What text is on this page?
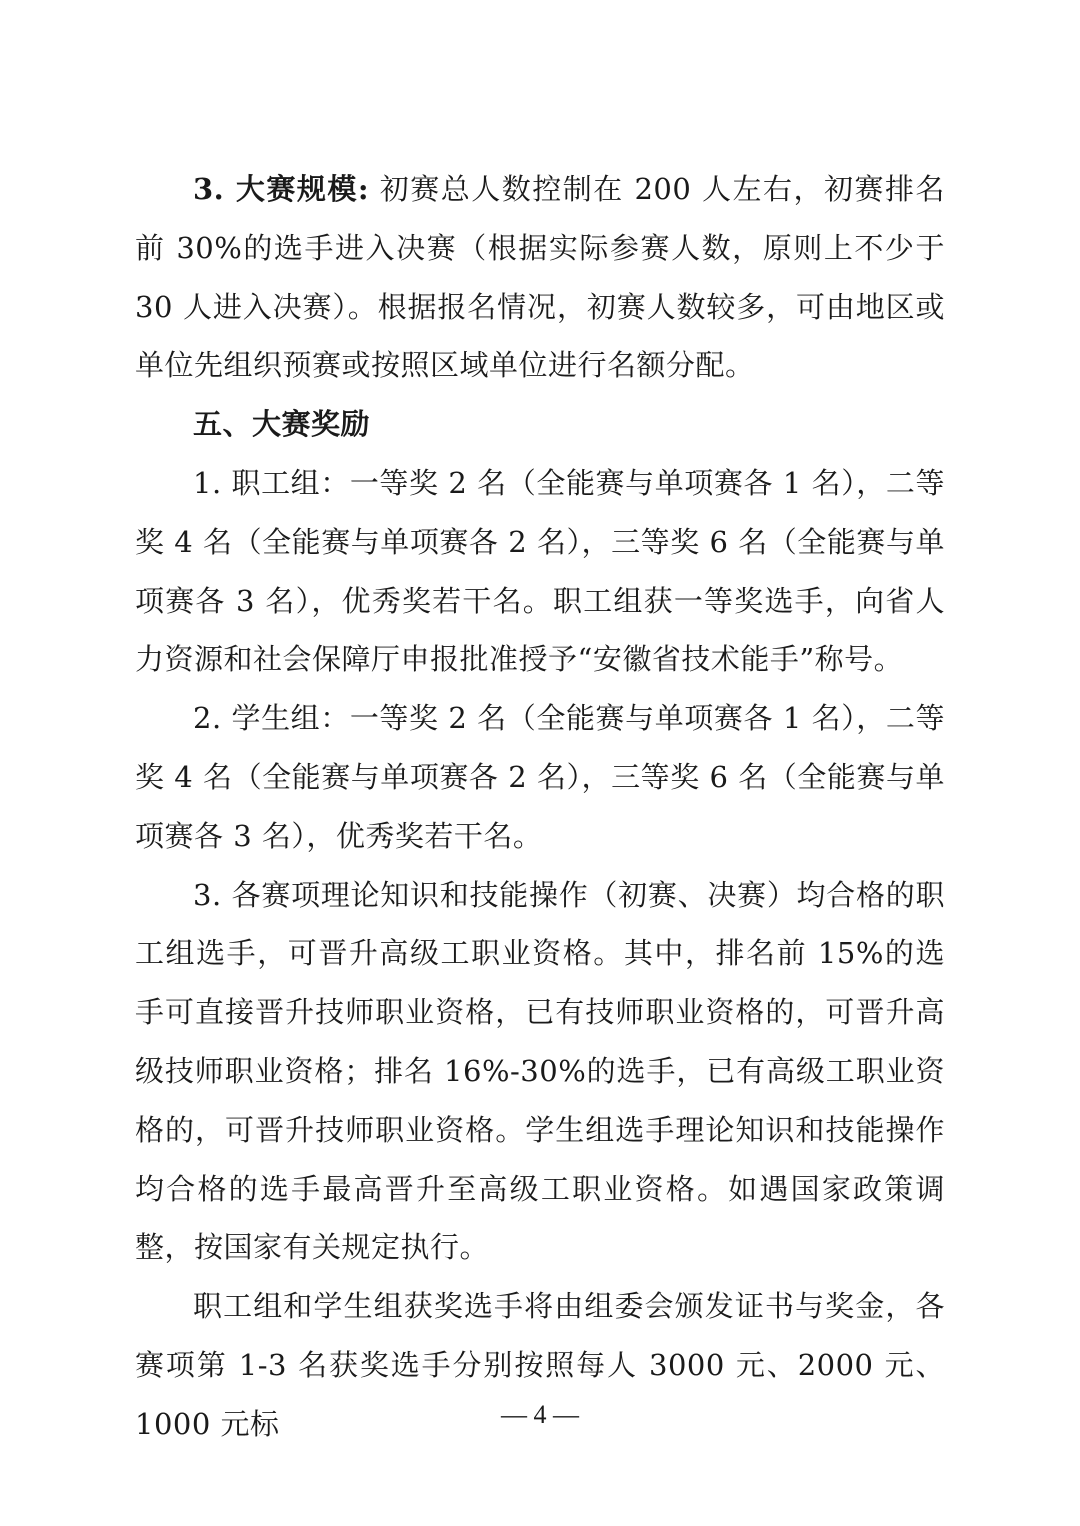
3. 大赛规模: 初赛总人数控制在 200 人左右，初赛排名前 30%的选手进入决赛（根据实际参赛人数，原则上不少于 30 人进入决赛）。根据报名情况，初赛人数较多，可由地区或单位先组织预赛或按照区域单位进行名额分配。

五、大赛奖励

1. 职工组：一等奖 2 名（全能赛与单项赛各 1 名），二等奖 4 名（全能赛与单项赛各 2 名），三等奖 6 名（全能赛与单项赛各 3 名），优秀奖若干名。职工组获一等奖选手，向省人力资源和社会保障厅申报批准授予“安徽省技术能手”称号。

2. 学生组：一等奖 2 名（全能赛与单项赛各 1 名），二等奖 4 名（全能赛与单项赛各 2 名），三等奖 6 名（全能赛与单项赛各 3 名），优秀奖若干名。

3. 各赛项理论知识和技能操作（初赛、决赛）均合格的职工组选手，可晋升高级工职业资格。其中，排名前 15%的选手可直接晋升技师职业资格，已有技师职业资格的，可晋升高级技师职业资格；排名 16%-30%的选手，已有高级工职业资格的，可晋升技师职业资格。学生组选手理论知识和技能操作均合格的选手最高晋升至高级工职业资格。如遇国家政策调整，按国家有关规定执行。

职工组和学生组获奖选手将由组委会颁发证书与奖金，各赛项第 1-3 名获奖选手分别按照每人 3000 元、2000 元、1000 元标	— 4 —
